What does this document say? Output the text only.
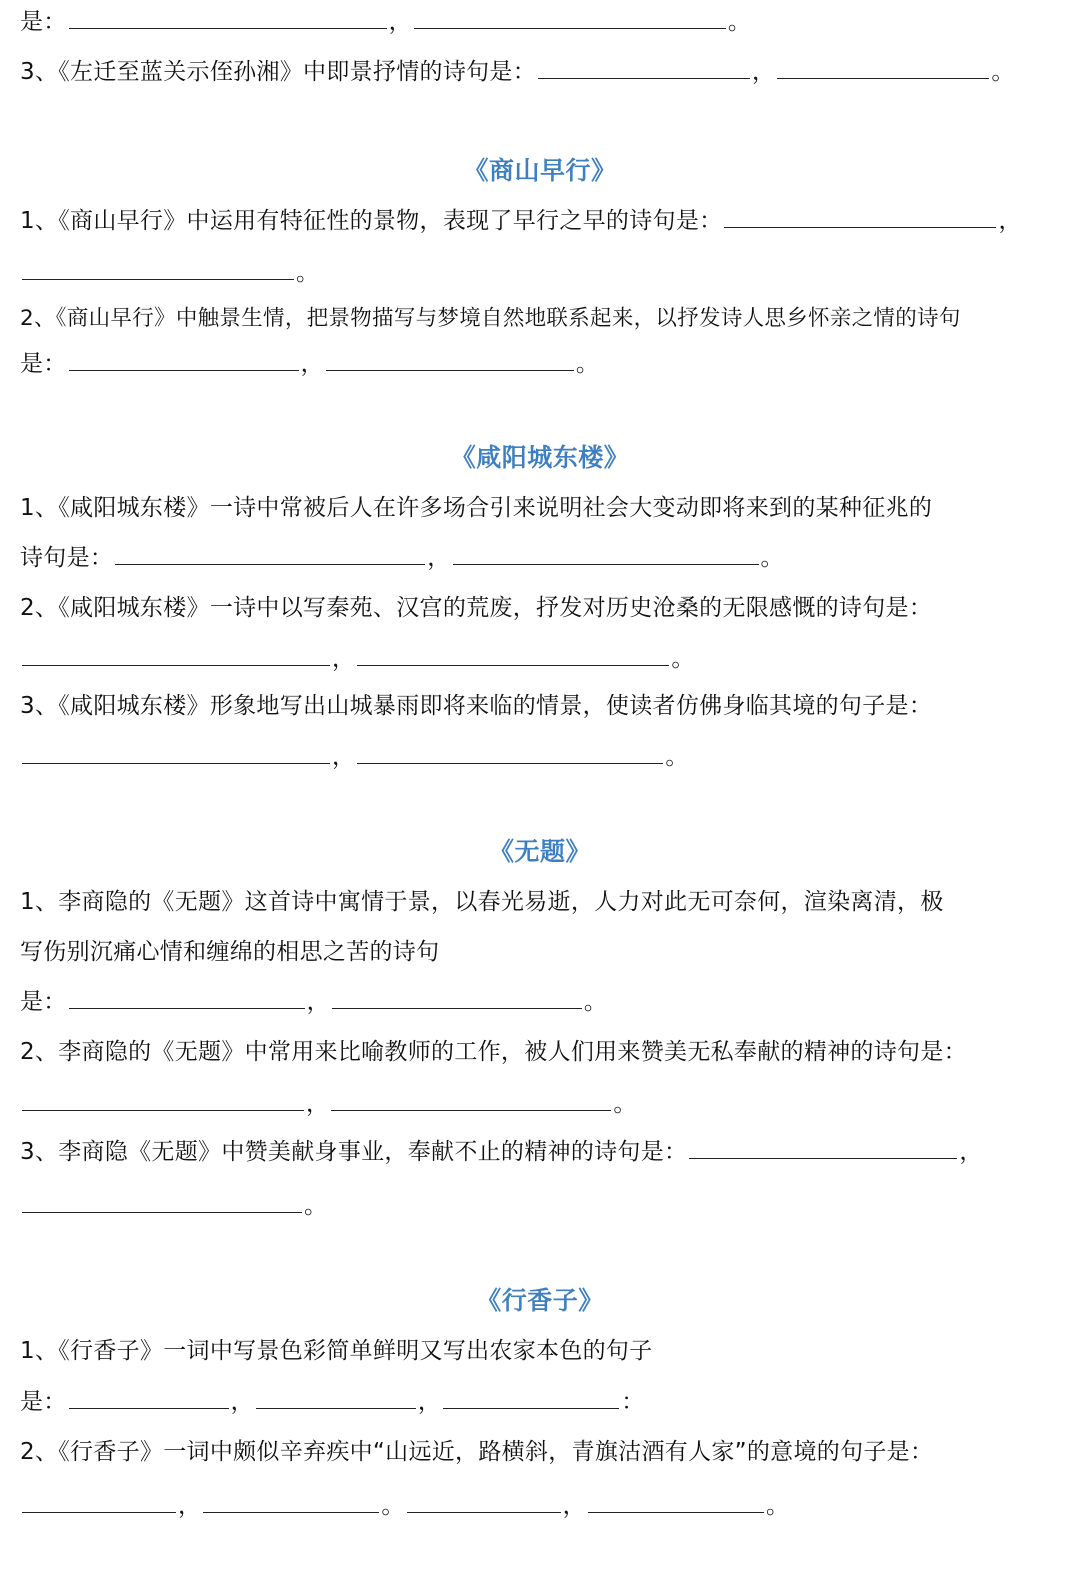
是：	，	。
3、《左迁至蓝关示侄孙湘》中即景抒情的诗句是：	，	。
《商山早行》
1、《商山早行》中运用有特征性的景物，表现了早行之早的诗句是：	，
。
2、《商山早行》中触景生情，把景物描写与梦境自然地联系起来，以抒发诗人思乡怀亲之情的诗句
是：	，	。
《咸阳城东楼》
1、《咸阳城东楼》一诗中常被后人在许多场合引来说明社会大变动即将来到的某种征兆的
诗句是：	，	。
2、《咸阳城东楼》一诗中以写秦苑、汉宫的荒废，抒发对历史沧桑的无限感慨的诗句是：
，	。
3、《咸阳城东楼》形象地写出山城暴雨即将来临的情景，使读者仿佛身临其境的句子是：
，	。
《无题》
1、李商隐的《无题》这首诗中寓情于景，以春光易逝，人力对此无可奈何，渲染离清，极
写伤别沉痛心情和缠绵的相思之苦的诗句
是：	，	。
2、李商隐的《无题》中常用来比喻教师的工作，被人们用来赞美无私奉献的精神的诗句是：
，	。
3、李商隐《无题》中赞美献身事业，奉献不止的精神的诗句是：	，
。
《行香子》
1、《行香子》一词中写景色彩简单鲜明又写出农家本色的句子
是：	，	，	：
2、《行香子》一词中颇似辛弃疾中“山远近，路横斜，青旗沽酒有人家”的意境的句子是：
，	。	，	。
